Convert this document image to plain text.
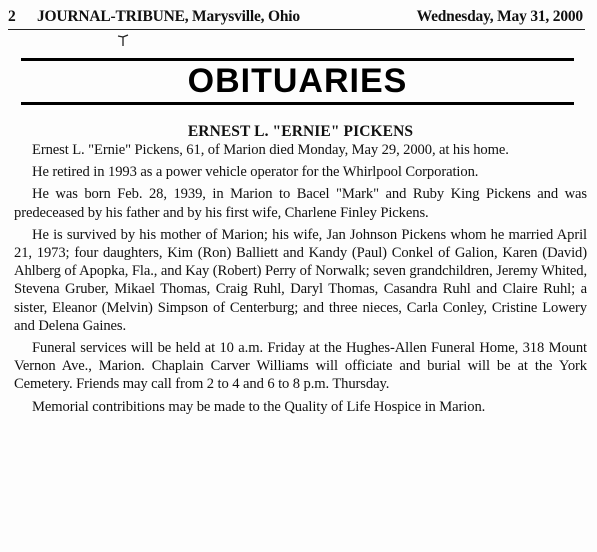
2 JOURNAL-TRIBUNE, Marysville, Ohio	Wednesday, May 31, 2000
OBITUARIES
ERNEST L. "ERNIE" PICKENS

Ernest L. "Ernie" Pickens, 61, of Marion died Monday, May 29, 2000, at his home.

He retired in 1993 as a power vehicle operator for the Whirlpool Corporation.

He was born Feb. 28, 1939, in Marion to Bacel "Mark" and Ruby King Pickens and was predeceased by his father and by his first wife, Charlene Finley Pickens.

He is survived by his mother of Marion; his wife, Jan Johnson Pickens whom he married April 21, 1973; four daughters, Kim (Ron) Balliett and Kandy (Paul) Conkel of Galion, Karen (David) Ahlberg of Apopka, Fla., and Kay (Robert) Perry of Norwalk; seven grandchildren, Jeremy Whited, Stevena Gruber, Mikael Thomas, Craig Ruhl, Daryl Thomas, Casandra Ruhl and Claire Ruhl; a sister, Eleanor (Melvin) Simpson of Centerburg; and three nieces, Carla Conley, Cristine Lowery and Delena Gaines.

Funeral services will be held at 10 a.m. Friday at the Hughes-Allen Funeral Home, 318 Mount Vernon Ave., Marion. Chaplain Carver Williams will officiate and burial will be at the York Cemetery. Friends may call from 2 to 4 and 6 to 8 p.m. Thursday.

Memorial contribitions may be made to the Quality of Life Hospice in Marion.
